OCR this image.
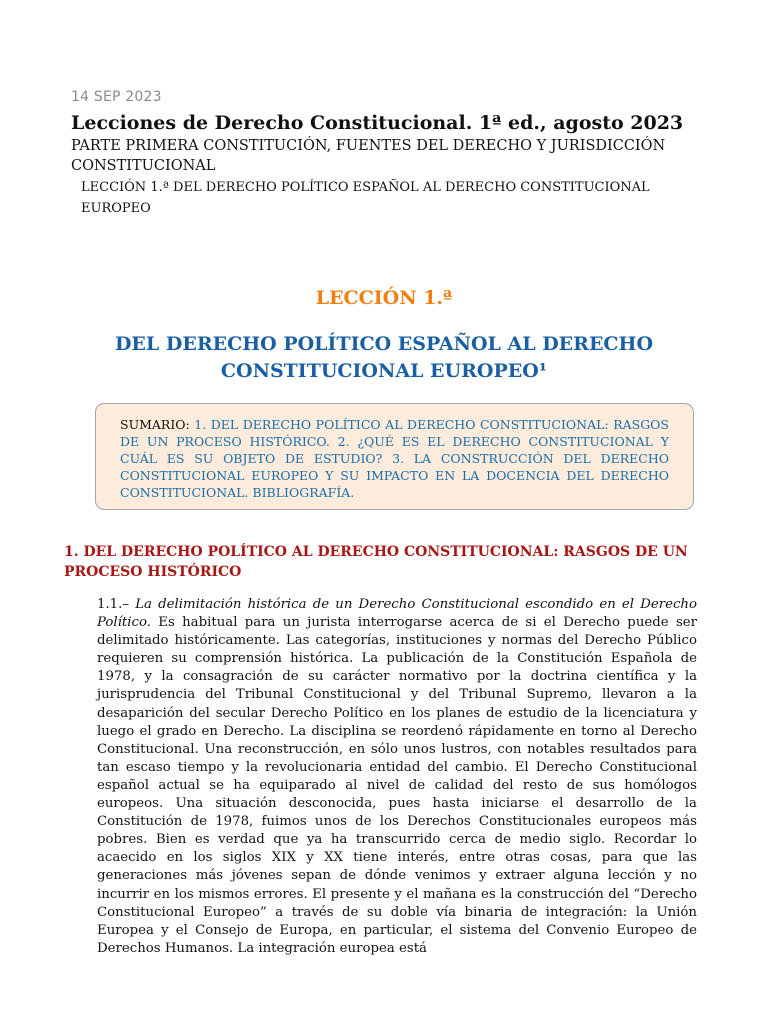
14 SEP 2023
Lecciones de Derecho Constitucional. 1ª ed., agosto 2023
PARTE PRIMERA CONSTITUCIÓN, FUENTES DEL DERECHO Y JURISDICCIÓN CONSTITUCIONAL
LECCIÓN 1.ª DEL DERECHO POLÍTICO ESPAÑOL AL DERECHO CONSTITUCIONAL EUROPEO
LECCIÓN 1.ª
DEL DERECHO POLÍTICO ESPAÑOL AL DERECHO CONSTITUCIONAL EUROPEO¹
SUMARIO: 1. DEL DERECHO POLÍTICO AL DERECHO CONSTITUCIONAL: RASGOS DE UN PROCESO HISTÓRICO. 2. ¿QUÉ ES EL DERECHO CONSTITUCIONAL Y CUÁL ES SU OBJETO DE ESTUDIO? 3. LA CONSTRUCCIÓN DEL DERECHO CONSTITUCIONAL EUROPEO Y SU IMPACTO EN LA DOCENCIA DEL DERECHO CONSTITUCIONAL. BIBLIOGRAFÍA.
1. DEL DERECHO POLÍTICO AL DERECHO CONSTITUCIONAL: RASGOS DE UN PROCESO HISTÓRICO
1.1.– La delimitación histórica de un Derecho Constitucional escondido en el Derecho Político. Es habitual para un jurista interrogarse acerca de si el Derecho puede ser delimitado históricamente. Las categorías, instituciones y normas del Derecho Público requieren su comprensión histórica. La publicación de la Constitución Española de 1978, y la consagración de su carácter normativo por la doctrina científica y la jurisprudencia del Tribunal Constitucional y del Tribunal Supremo, llevaron a la desaparición del secular Derecho Político en los planes de estudio de la licenciatura y luego el grado en Derecho. La disciplina se reordenó rápidamente en torno al Derecho Constitucional. Una reconstrucción, en sólo unos lustros, con notables resultados para tan escaso tiempo y la revolucionaria entidad del cambio. El Derecho Constitucional español actual se ha equiparado al nivel de calidad del resto de sus homólogos europeos. Una situación desconocida, pues hasta iniciarse el desarrollo de la Constitución de 1978, fuimos unos de los Derechos Constitucionales europeos más pobres. Bien es verdad que ya ha transcurrido cerca de medio siglo. Recordar lo acaecido en los siglos XIX y XX tiene interés, entre otras cosas, para que las generaciones más jóvenes sepan de dónde venimos y extraer alguna lección y no incurrir en los mismos errores. El presente y el mañana es la construcción del “Derecho Constitucional Europeo” a través de su doble vía binaria de integración: la Unión Europea y el Consejo de Europa, en particular, el sistema del Convenio Europeo de Derechos Humanos. La integración europea está
